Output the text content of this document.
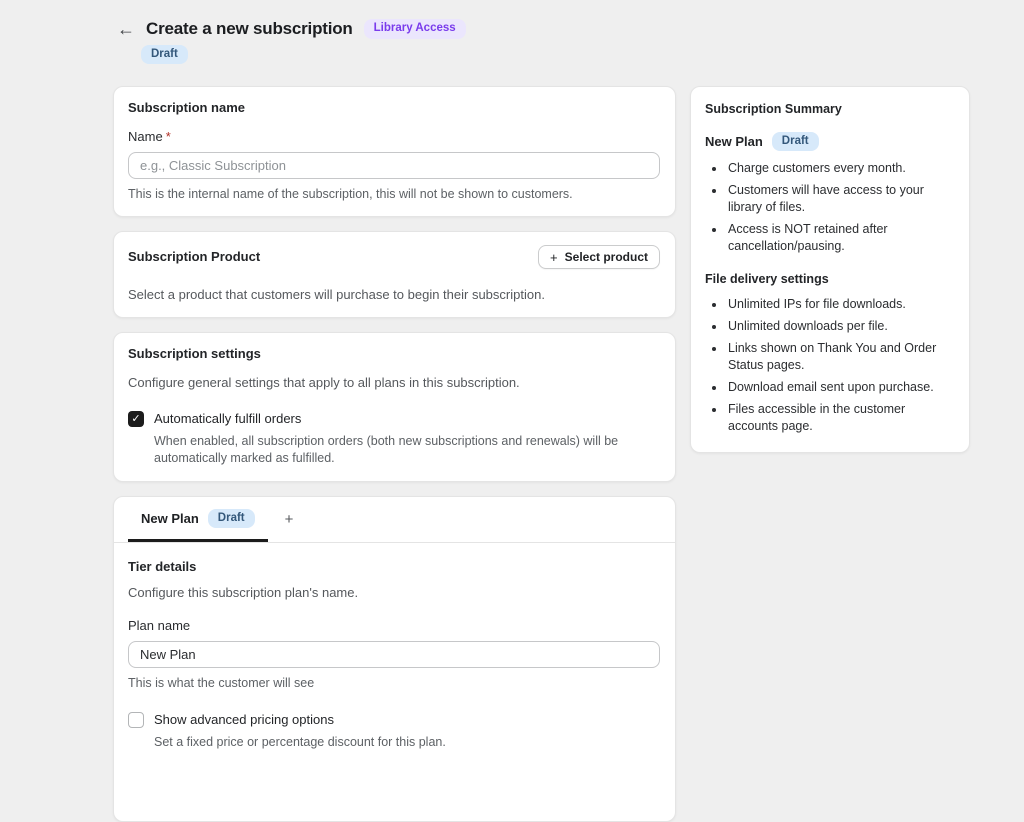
← Create a new subscription	Library Access
Draft
Subscription name
Name *
e.g., Classic Subscription
This is the internal name of the subscription, this will not be shown to customers.
Subscription Product	+ Select product
Select a product that customers will purchase to begin their subscription.
Subscription settings
Configure general settings that apply to all plans in this subscription.
✓ Automatically fulfill orders
When enabled, all subscription orders (both new subscriptions and renewals) will be automatically marked as fulfilled.
New Plan	Draft	+
Tier details
Configure this subscription plan's name.
Plan name
New Plan
This is what the customer will see
Show advanced pricing options
Set a fixed price or percentage discount for this plan.
Subscription Summary
New Plan	Draft
• Charge customers every month.
• Customers will have access to your library of files.
• Access is NOT retained after cancellation/pausing.
File delivery settings
• Unlimited IPs for file downloads.
• Unlimited downloads per file.
• Links shown on Thank You and Order Status pages.
• Download email sent upon purchase.
• Files accessible in the customer accounts page.
